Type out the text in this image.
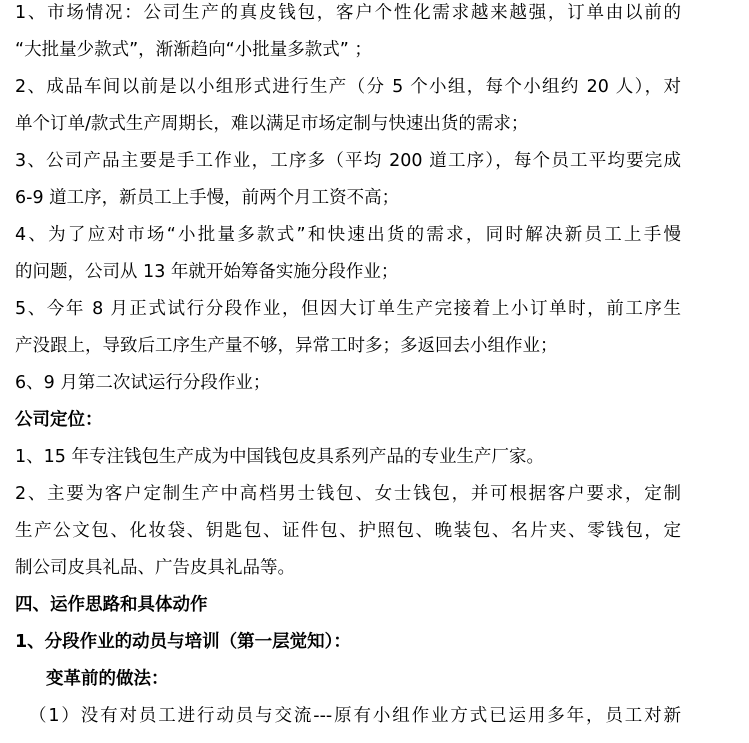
1、市场情况：公司生产的真皮钱包，客户个性化需求越来越强，订单由以前的
“大批量少款式”，渐渐趋向“小批量多款式” ；
2、成品车间以前是以小组形式进行生产（分 5 个小组，每个小组约 20 人），对
单个订单/款式生产周期长，难以满足市场定制与快速出货的需求；
3、公司产品主要是手工作业，工序多（平均 200 道工序），每个员工平均要完成
6-9 道工序，新员工上手慢，前两个月工资不高；
4、为了应对市场“小批量多款式”和快速出货的需求，同时解决新员工上手慢
的问题，公司从 13 年就开始筹备实施分段作业；
5、今年 8 月正式试行分段作业，但因大订单生产完接着上小订单时，前工序生
产没跟上，导致后工序生产量不够，异常工时多；多返回去小组作业；
6、9 月第二次试运行分段作业；
公司定位：
1、15 年专注钱包生产成为中国钱包皮具系列产品的专业生产厂家。
2、主要为客户定制生产中高档男士钱包、女士钱包，并可根据客户要求，定制
生产公文包、化妆袋、钥匙包、证件包、护照包、晚装包、名片夹、零钱包，定
制公司皮具礼品、广告皮具礼品等。
四、运作思路和具体动作
1、分段作业的动员与培训（第一层觉知）：
变革前的做法：
（1）没有对员工进行动员与交流---原有小组作业方式已运用多年，员工对新
